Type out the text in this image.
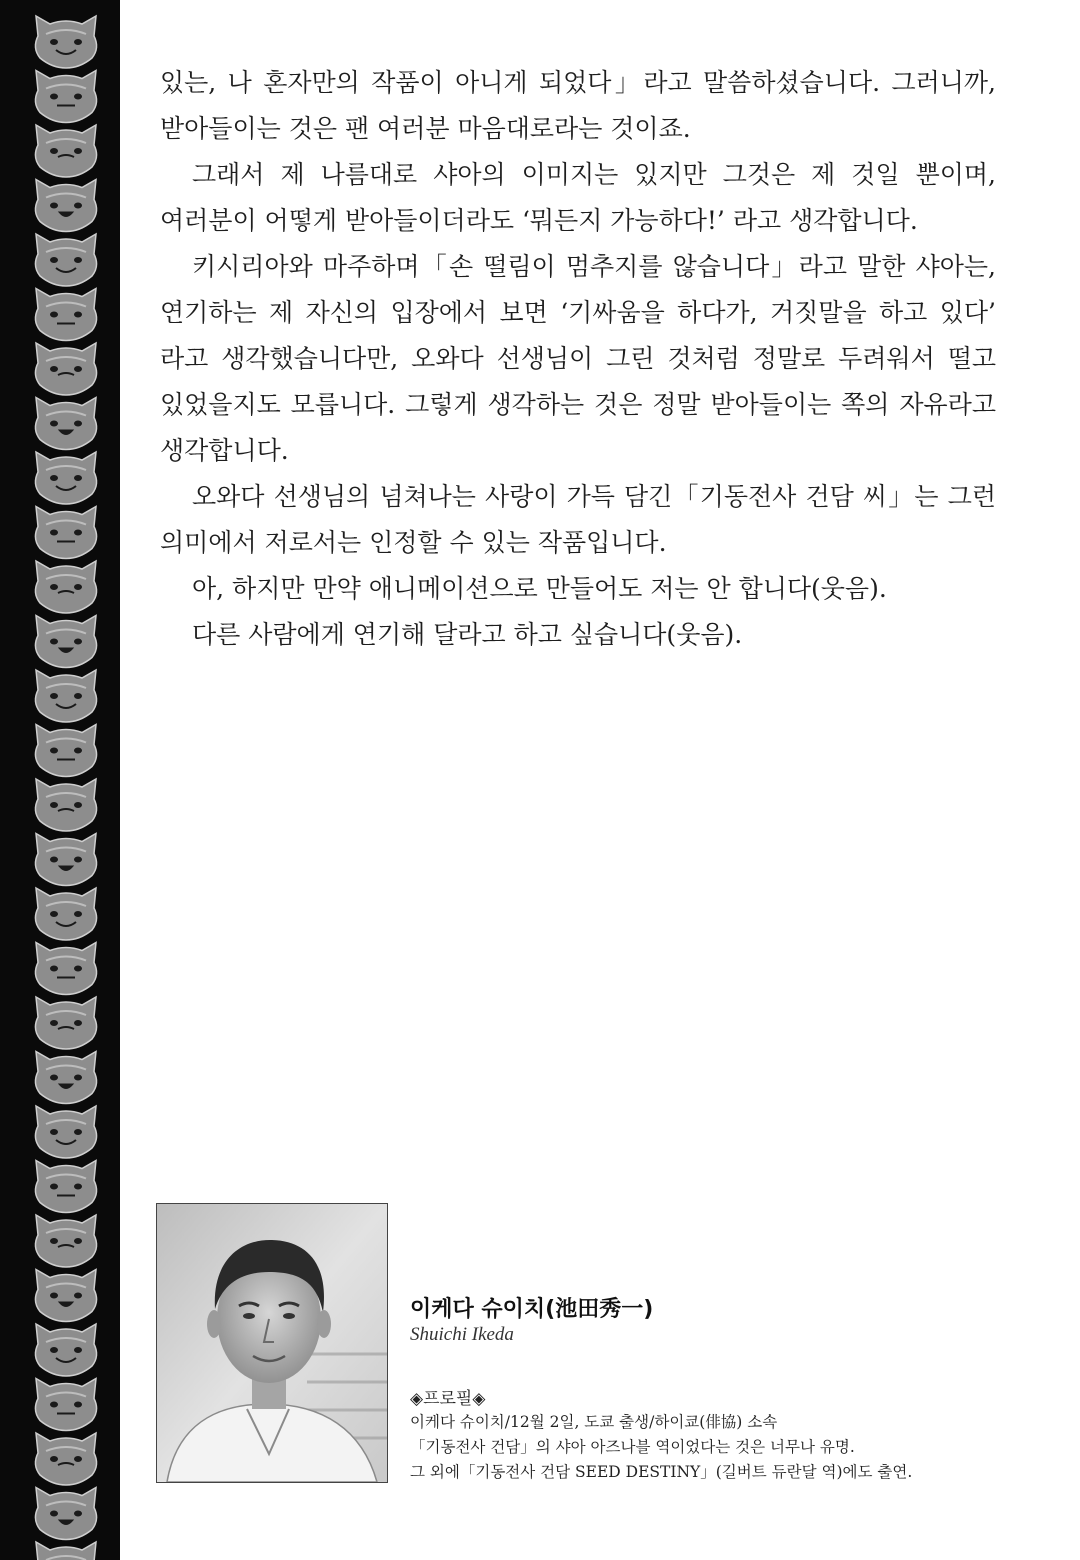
있는, 나 혼자만의 작품이 아니게 되었다」라고 말씀하셨습니다. 그러니까, 받아들이는 것은 팬 여러분 마음대로라는 것이죠.

그래서 제 나름대로 샤아의 이미지는 있지만 그것은 제 것일 뿐이며, 여러분이 어떻게 받아들이더라도 ‘뭐든지 가능하다!’ 라고 생각합니다.

키시리아와 마주하며「손 떨림이 멈추지를 않습니다」라고 말한 샤아는, 연기하는 제 자신의 입장에서 보면 ‘기싸움을 하다가, 거짓말을 하고 있다’ 라고 생각했습니다만, 오와다 선생님이 그린 것처럼 정말로 두려워서 떨고 있었을지도 모릅니다. 그렇게 생각하는 것은 정말 받아들이는 쪽의 자유라고 생각합니다.

오와다 선생님의 넘쳐나는 사랑이 가득 담긴「기동전사 건담 씨」는 그런 의미에서 저로서는 인정할 수 있는 작품입니다.

아, 하지만 만약 애니메이션으로 만들어도 저는 안 합니다(웃음).

다른 사람에게 연기해 달라고 하고 싶습니다(웃음).

이케다 슈이치(池田秀一)
Shuichi Ikeda
◈프로필◈
이케다 슈이치/12월 2일, 도쿄 출생/하이쿄(俳協) 소속
「기동전사 건담」의 샤아 아즈나블 역이었다는 것은 너무나 유명.
그 외에「기동전사 건담 SEED DESTINY」(길버트 듀란달 역)에도 출연.
